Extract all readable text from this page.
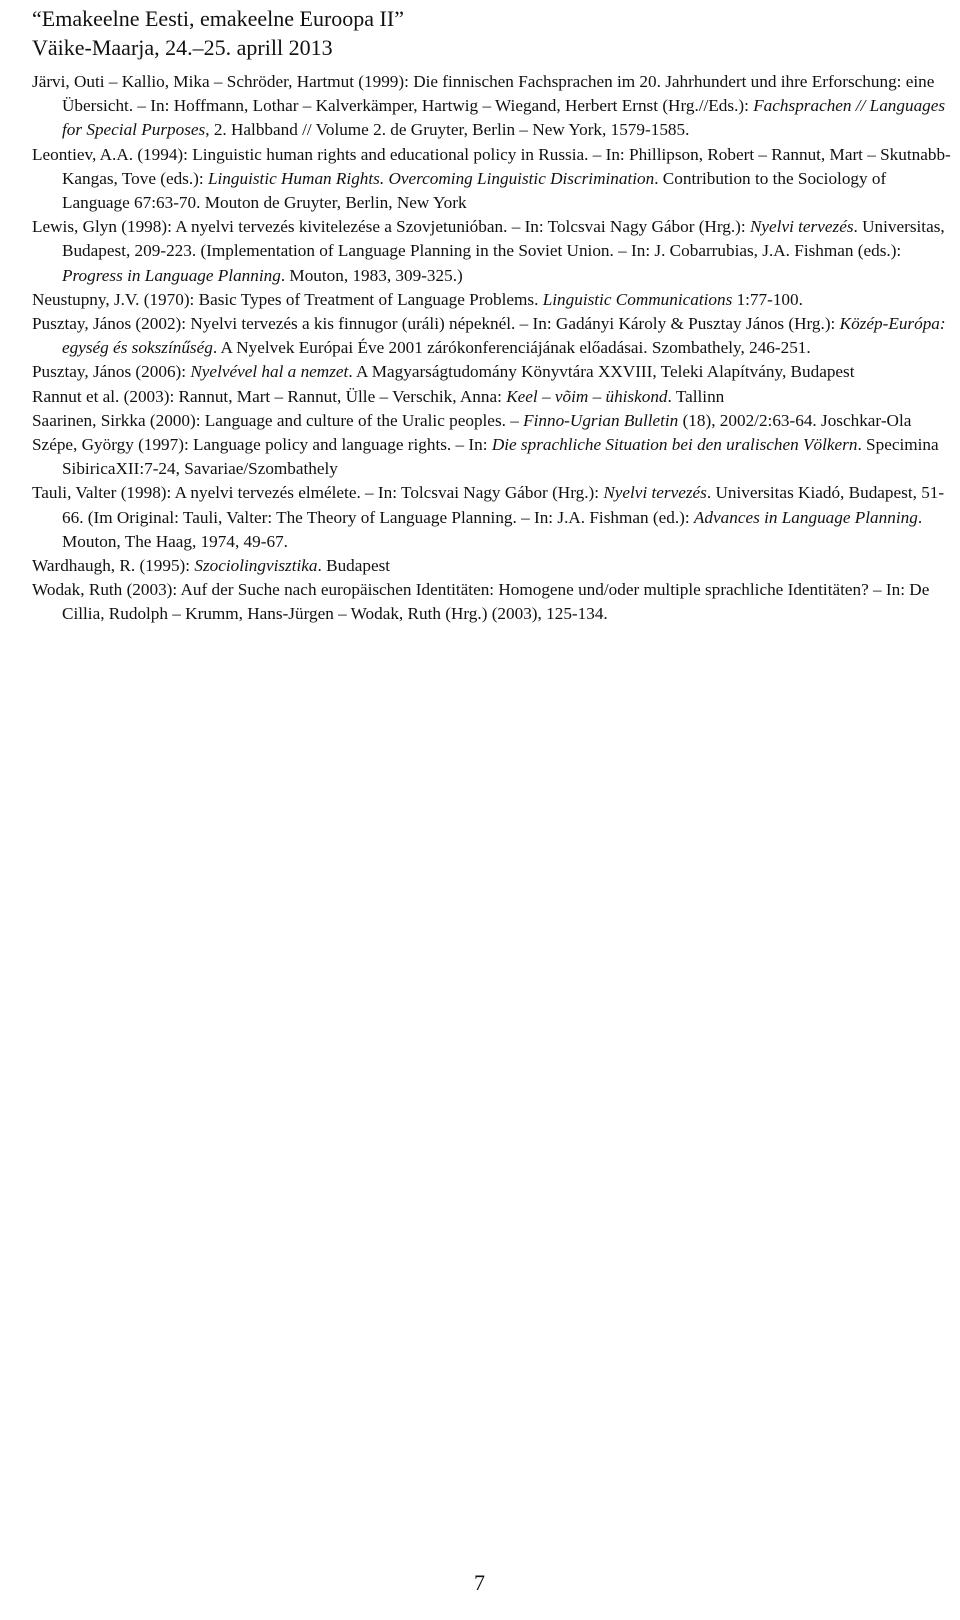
“Emakeelne Eesti, emakeelne Euroopa II”
Väike-Maarja, 24.–25. aprill 2013
Järvi, Outi – Kallio, Mika – Schröder, Hartmut (1999): Die finnischen Fachsprachen im 20. Jahrhundert und ihre Erforschung: eine Übersicht. – In: Hoffmann, Lothar – Kalverkämper, Hartwig – Wiegand, Herbert Ernst (Hrg.//Eds.): Fachsprachen // Languages for Special Purposes, 2. Halbband // Volume 2. de Gruyter, Berlin – New York, 1579-1585.
Leontiev, A.A. (1994): Linguistic human rights and educational policy in Russia. – In: Phillipson, Robert – Rannut, Mart – Skutnabb-Kangas, Tove (eds.): Linguistic Human Rights. Overcoming Linguistic Discrimination. Contribution to the Sociology of Language 67:63-70. Mouton de Gruyter, Berlin, New York
Lewis, Glyn (1998): A nyelvi tervezés kivitelezése a Szovjetunióban. – In: Tolcsvai Nagy Gábor (Hrg.): Nyelvi tervezés. Universitas, Budapest, 209-223. (Implementation of Language Planning in the Soviet Union. – In: J. Cobarrubias, J.A. Fishman (eds.): Progress in Language Planning. Mouton, 1983, 309-325.)
Neustupny, J.V. (1970): Basic Types of Treatment of Language Problems. Linguistic Communications 1:77-100.
Pusztay, János (2002): Nyelvi tervezés a kis finnugor (uráli) népeknél. – In: Gadányi Károly & Pusztay János (Hrg.): Közép-Európa: egység és sokszínűség. A Nyelvek Európai Éve 2001 zárókonferenciájának előadásai. Szombathely, 246-251.
Pusztay, János (2006): Nyelvével hal a nemzet. A Magyarságtudomány Könyvtára XXVIII, Teleki Alapítvány, Budapest
Rannut et al. (2003): Rannut, Mart – Rannut, Ülle – Verschik, Anna: Keel – võim – ühiskond. Tallinn
Saarinen, Sirkka (2000): Language and culture of the Uralic peoples. – Finno-Ugrian Bulletin (18), 2002/2:63-64. Joschkar-Ola
Szépe, György (1997): Language policy and language rights. – In: Die sprachliche Situation bei den uralischen Völkern. Specimina SibiricaXII:7-24, Savariae/Szombathely
Tauli, Valter (1998): A nyelvi tervezés elmélete. – In: Tolcsvai Nagy Gábor (Hrg.): Nyelvi tervezés. Universitas Kiadó, Budapest, 51-66. (Im Original: Tauli, Valter: The Theory of Language Planning. – In: J.A. Fishman (ed.): Advances in Language Planning. Mouton, The Haag, 1974, 49-67.
Wardhaugh, R. (1995): Szociolingvisztika. Budapest
Wodak, Ruth (2003): Auf der Suche nach europäischen Identitäten: Homogene und/oder multiple sprachliche Identitäten? – In: De Cillia, Rudolph – Krumm, Hans-Jürgen – Wodak, Ruth (Hrg.) (2003), 125-134.
7
